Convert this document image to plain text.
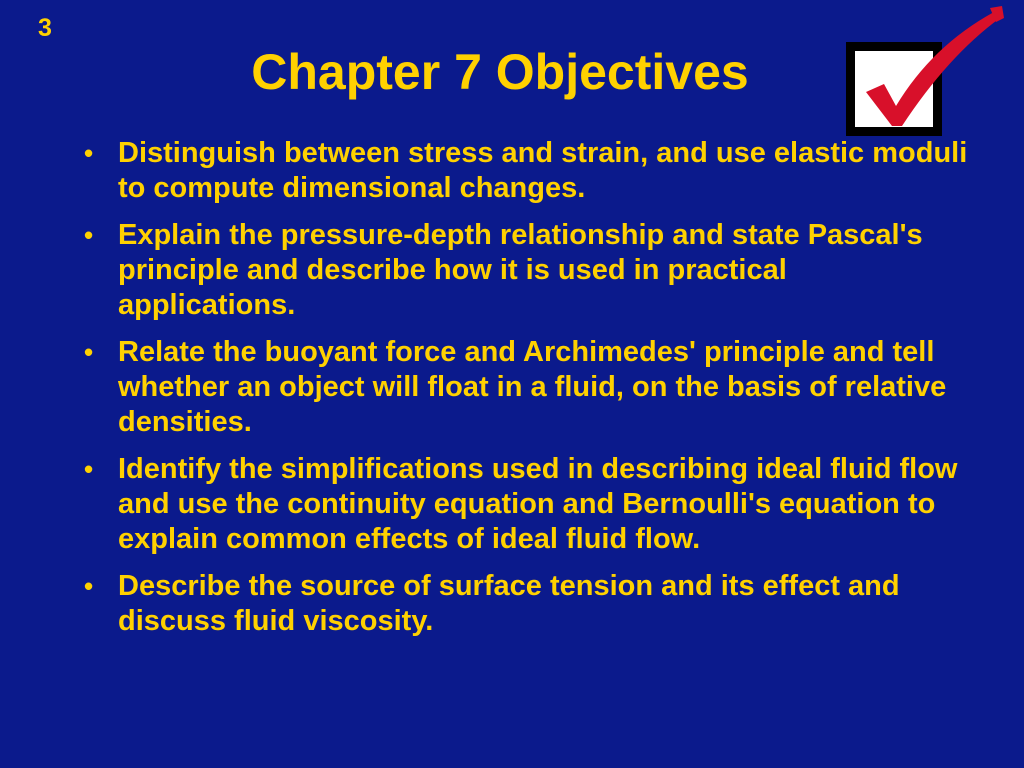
3
Chapter 7 Objectives
• Distinguish between stress and strain, and use elastic moduli to compute dimensional changes.
• Explain the pressure-depth relationship and state Pascal's principle and describe how it is used in practical applications.
• Relate the buoyant force and Archimedes' principle and tell whether an object will float in a fluid, on the basis of relative densities.
• Identify the simplifications used in describing ideal fluid flow and use the continuity equation and Bernoulli's equation to explain common effects of ideal fluid flow.
• Describe the source of surface tension and its effect and discuss fluid viscosity.
